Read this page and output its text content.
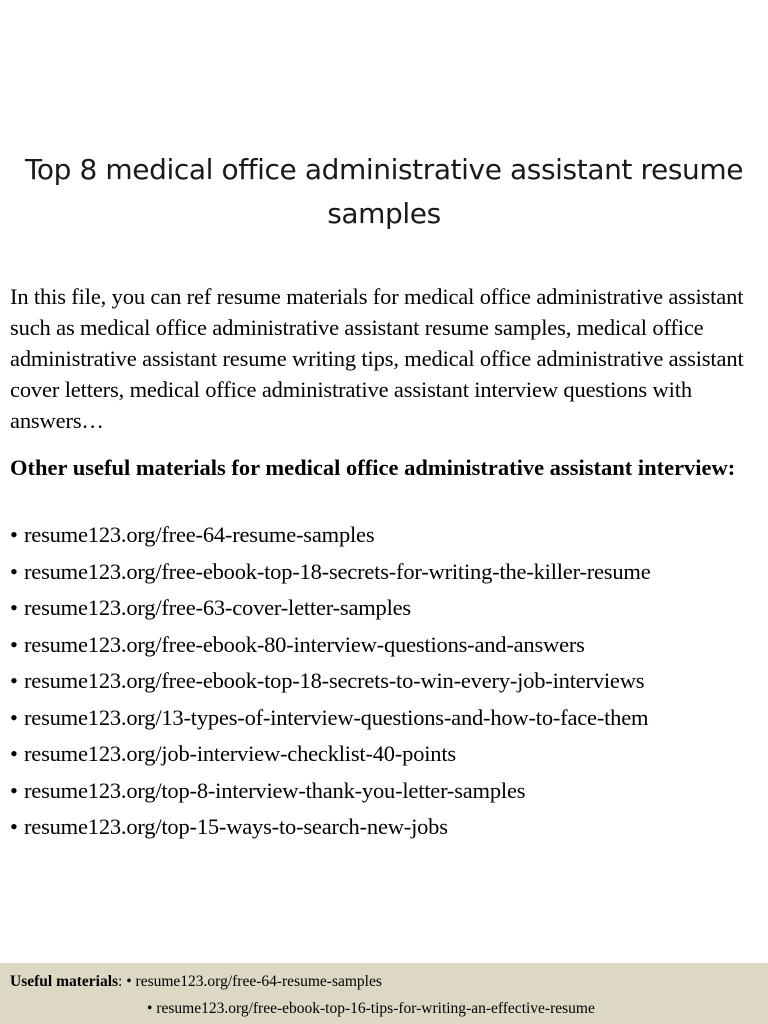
Top 8 medical office administrative assistant resume samples

In this file, you can ref resume materials for medical office administrative assistant such as medical office administrative assistant resume samples, medical office administrative assistant resume writing tips, medical office administrative assistant cover letters, medical office administrative assistant interview questions with answers…

Other useful materials for medical office administrative assistant interview:

• resume123.org/free-64-resume-samples
• resume123.org/free-ebook-top-18-secrets-for-writing-the-killer-resume
• resume123.org/free-63-cover-letter-samples
• resume123.org/free-ebook-80-interview-questions-and-answers
• resume123.org/free-ebook-top-18-secrets-to-win-every-job-interviews
• resume123.org/13-types-of-interview-questions-and-how-to-face-them
• resume123.org/job-interview-checklist-40-points
• resume123.org/top-8-interview-thank-you-letter-samples
• resume123.org/top-15-ways-to-search-new-jobs
Useful materials: • resume123.org/free-64-resume-samples
• resume123.org/free-ebook-top-16-tips-for-writing-an-effective-resume
